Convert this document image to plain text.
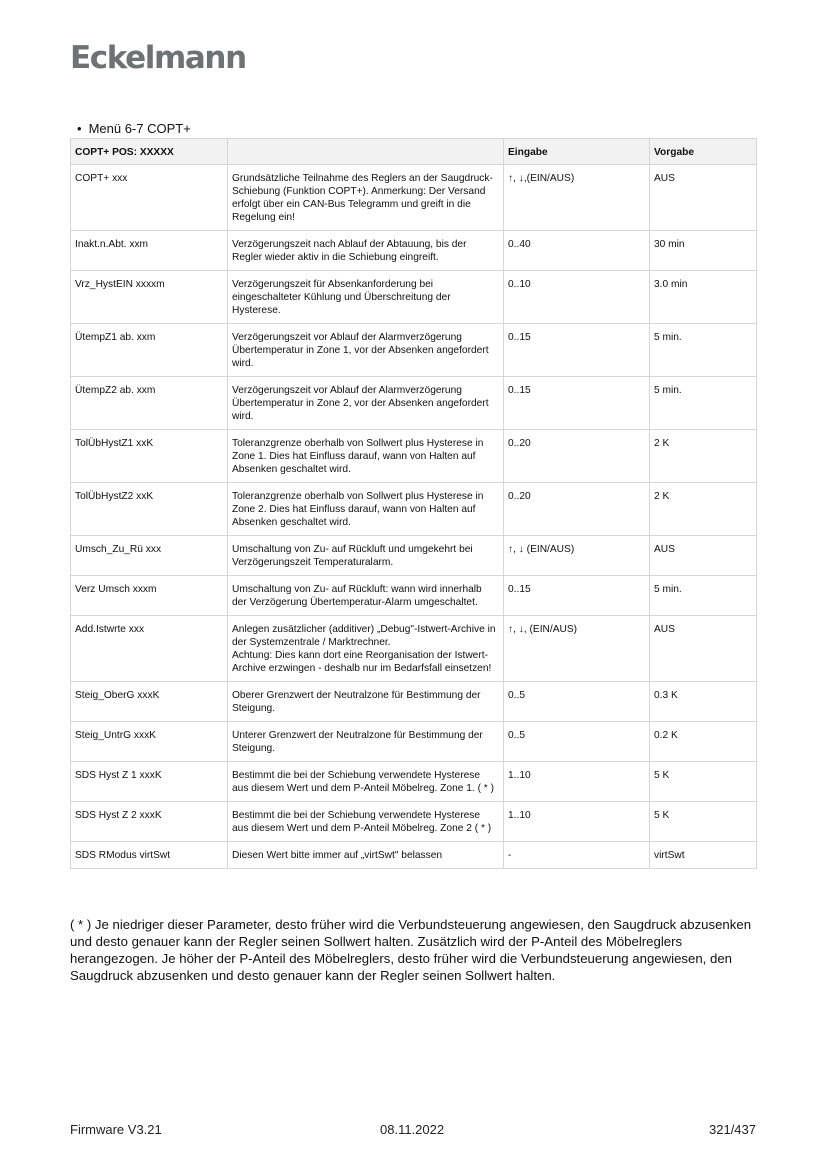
Eckelmann
• Menü 6-7 COPT+
COPT+ POS: XXXXX		Eingabe	Vorgabe
COPT+ xxx	Grundsätzliche Teilnahme des Reglers an der Saugdruck-Schiebung (Funktion COPT+). Anmerkung: Der Versand erfolgt über ein CAN-Bus Telegramm und greift in die Regelung ein!	↑, ↓,(EIN/AUS)	AUS
Inakt.n.Abt. xxm	Verzögerungszeit nach Ablauf der Abtauung, bis der Regler wieder aktiv in die Schiebung eingreift.	0..40	30 min
Vrz_HystEIN xxxxm	Verzögerungszeit für Absenkanforderung bei eingeschalteter Kühlung und Überschreitung der Hysterese.	0..10	3.0 min
ÜtempZ1 ab. xxm	Verzögerungszeit vor Ablauf der Alarmverzögerung Übertemperatur in Zone 1, vor der Absenken angefordert wird.	0..15	5 min.
ÜtempZ2 ab. xxm	Verzögerungszeit vor Ablauf der Alarmverzögerung Übertemperatur in Zone 2, vor der Absenken angefordert wird.	0..15	5 min.
TolÜbHystZ1 xxK	Toleranzgrenze oberhalb von Sollwert plus Hysterese in Zone 1. Dies hat Einfluss darauf, wann von Halten auf Absenken geschaltet wird.	0..20	2 K
TolÜbHystZ2 xxK	Toleranzgrenze oberhalb von Sollwert plus Hysterese in Zone 2. Dies hat Einfluss darauf, wann von Halten auf Absenken geschaltet wird.	0..20	2 K
Umsch_Zu_Rü xxx	Umschaltung von Zu- auf Rückluft und umgekehrt bei Verzögerungszeit Temperaturalarm.	↑, ↓ (EIN/AUS)	AUS
Verz Umsch xxxm	Umschaltung von Zu- auf Rückluft: wann wird innerhalb der Verzögerung Übertemperatur-Alarm umgeschaltet.	0..15	5 min.
Add.Istwrte xxx	Anlegen zusätzlicher (additiver) „Debug"-Istwert-Archive in der Systemzentrale / Marktrechner.
Achtung: Dies kann dort eine Reorganisation der Istwert-Archive erzwingen - deshalb nur im Bedarfsfall einsetzen!	↑, ↓, (EIN/AUS)	AUS
Steig_OberG xxxK	Oberer Grenzwert der Neutralzone für Bestimmung der Steigung.	0..5	0.3 K
Steig_UntrG xxxK	Unterer Grenzwert der Neutralzone für Bestimmung der Steigung.	0..5	0.2 K
SDS Hyst Z 1 xxxK	Bestimmt die bei der Schiebung verwendete Hysterese aus diesem Wert und dem P-Anteil Möbelreg. Zone 1. ( * )	1..10	5 K
SDS Hyst Z 2 xxxK	Bestimmt die bei der Schiebung verwendete Hysterese aus diesem Wert und dem P-Anteil Möbelreg. Zone 2 ( * )	1..10	5 K
SDS RModus virtSwt	Diesen Wert bitte immer auf „virtSwt" belassen	-	virtSwt
( * ) Je niedriger dieser Parameter, desto früher wird die Verbundsteuerung angewiesen, den Saugdruck abzusenken und desto genauer kann der Regler seinen Sollwert halten. Zusätzlich wird der P-Anteil des Möbelreglers herangezogen. Je höher der P-Anteil des Möbelreglers, desto früher wird die Verbundsteuerung angewiesen, den Saugdruck abzusenken und desto genauer kann der Regler seinen Sollwert halten.
Firmware V3.21	08.11.2022	321/437
